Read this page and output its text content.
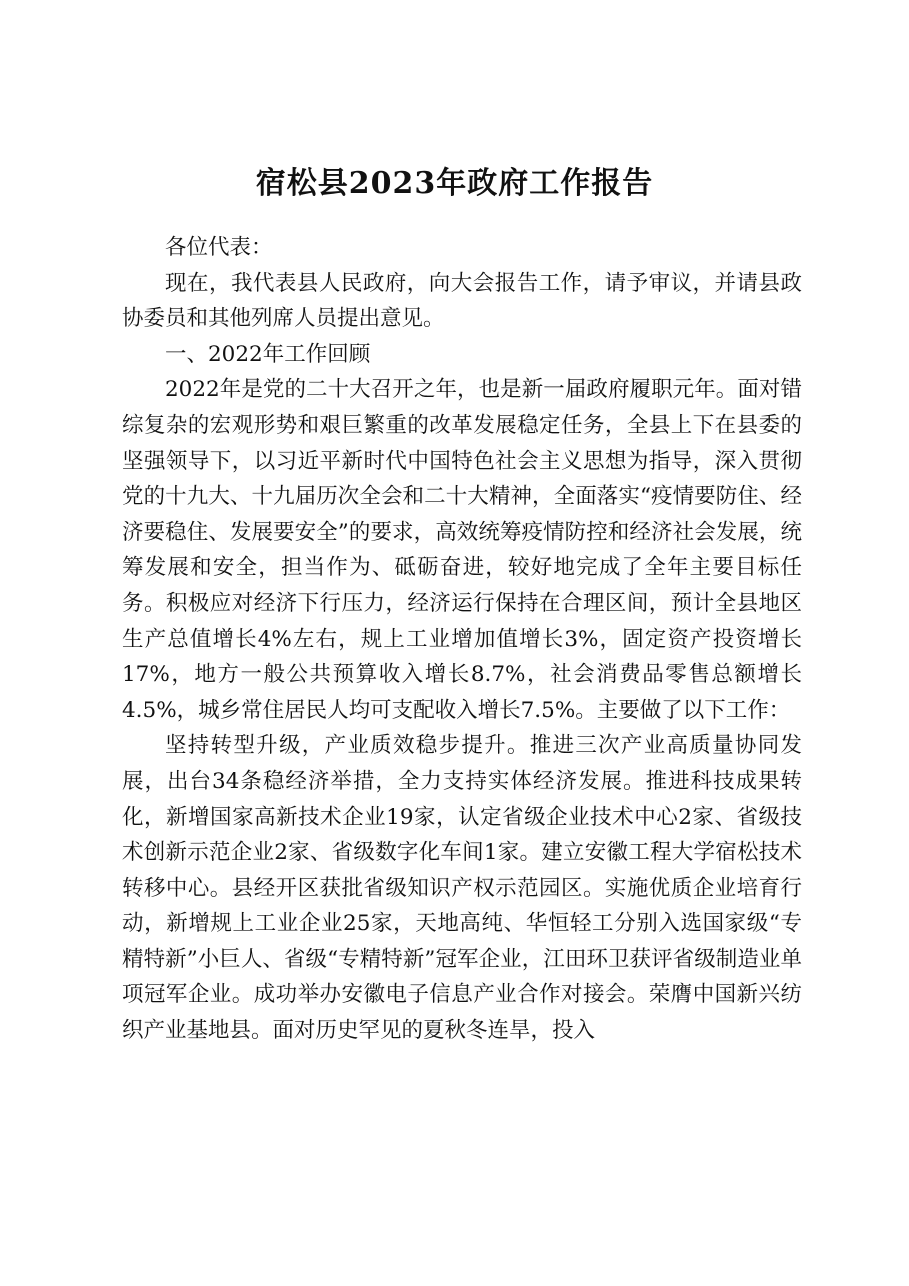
宿松县2023年政府工作报告

各位代表：

现在，我代表县人民政府，向大会报告工作，请予审议，并请县政协委员和其他列席人员提出意见。

一、2022年工作回顾

2022年是党的二十大召开之年，也是新一届政府履职元年。面对错综复杂的宏观形势和艰巨繁重的改革发展稳定任务，全县上下在县委的坚强领导下，以习近平新时代中国特色社会主义思想为指导，深入贯彻党的十九大、十九届历次全会和二十大精神，全面落实“疫情要防住、经济要稳住、发展要安全”的要求，高效统筹疫情防控和经济社会发展，统筹发展和安全，担当作为、砥砺奋进，较好地完成了全年主要目标任务。积极应对经济下行压力，经济运行保持在合理区间，预计全县地区生产总值增长4%左右，规上工业增加值增长3%，固定资产投资增长17%，地方一般公共预算收入增长8.7%，社会消费品零售总额增长4.5%，城乡常住居民人均可支配收入增长7.5%。主要做了以下工作：

坚持转型升级，产业质效稳步提升。推进三次产业高质量协同发展，出台34条稳经济举措，全力支持实体经济发展。推进科技成果转化，新增国家高新技术企业19家，认定省级企业技术中心2家、省级技术创新示范企业2家、省级数字化车间1家。建立安徽工程大学宿松技术转移中心。县经开区获批省级知识产权示范园区。实施优质企业培育行动，新增规上工业企业25家，天地高纯、华恒轻工分别入选国家级“专精特新”小巨人、省级“专精特新”冠军企业，江田环卫获评省级制造业单项冠军企业。成功举办安徽电子信息产业合作对接会。荣膺中国新兴纺织产业基地县。面对历史罕见的夏秋冬连旱，投入
